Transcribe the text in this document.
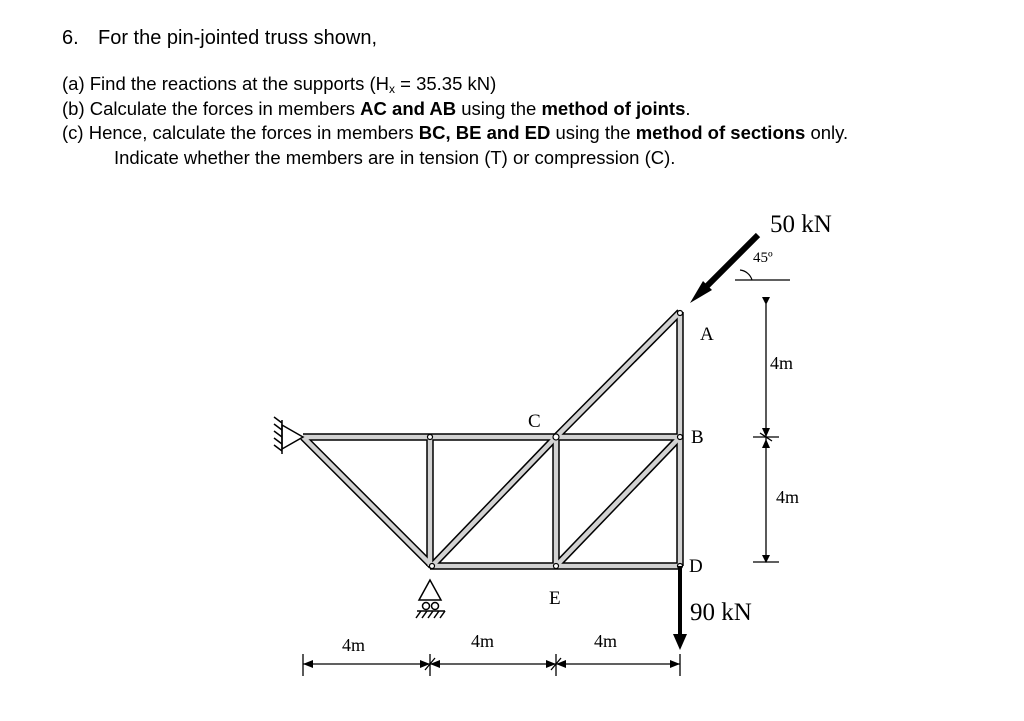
6. For the pin-jointed truss shown,
(a) Find the reactions at the supports ($H_x = 35.35$ kN)
(b) Calculate the forces in members AC and AB using the method of joints.
(c) Hence, calculate the forces in members BC, BE and ED using the method of sections only.
Indicate whether the members are in tension (T) or compression (C).
50 kN
45º
90 kN
A
B
C
D
E
4m
4m
4m	4m	4m
